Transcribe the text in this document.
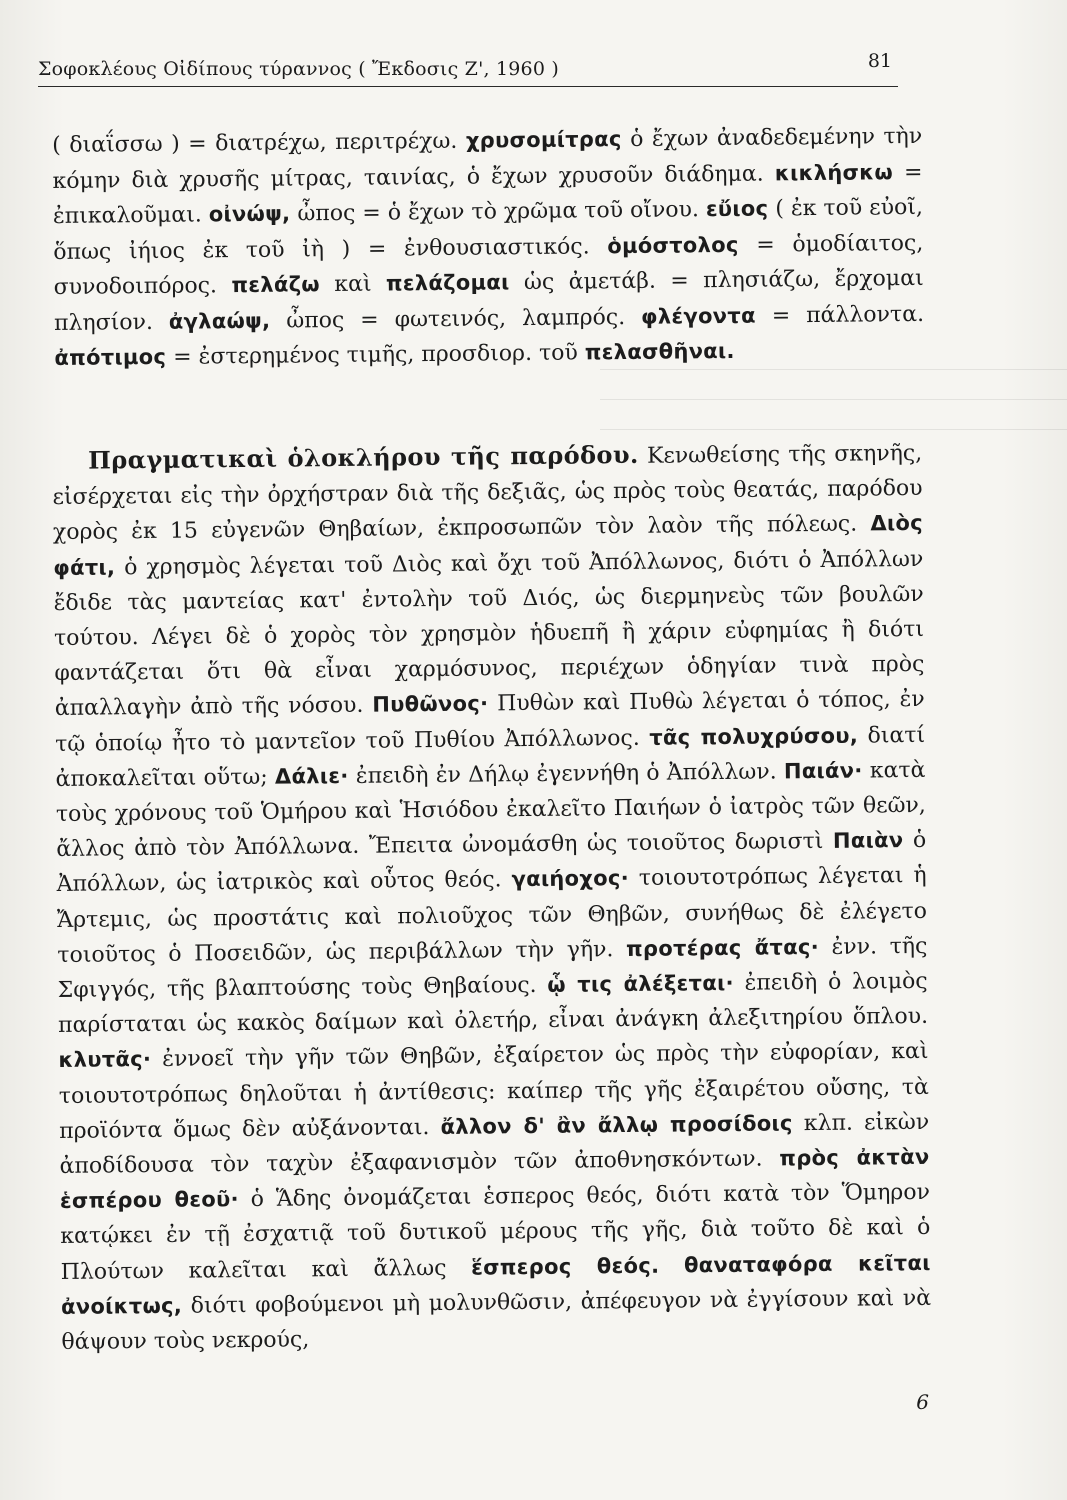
Σοφοκλέους Οἰδίπους τύραννος ( Ἔκδοσις Ζ', 1960 )	81

( διαΐσσω ) = διατρέχω, περιτρέχω. χρυσομίτρας ὁ ἔχων ἀναδεδεμένην τὴν κόμην διὰ χρυσῆς μίτρας, ταινίας, ὁ ἔχων χρυσοῦν διάδημα. κικλήσκω = ἐπικαλοῦμαι. οἰνώψ, ὦπος = ὁ ἔχων τὸ χρῶμα τοῦ οἴνου. εὔιος ( ἐκ τοῦ εὐοῖ, ὅπως ἰήιος ἐκ τοῦ ἰὴ ) = ἐνθουσιαστικός. ὁμόστολος = ὁμοδίαιτος, συνοδοιπόρος. πελάζω καὶ πελάζομαι ὡς ἀμετάβ. = πλησιάζω, ἔρχομαι πλησίον. ἀγλαώψ, ὦπος = φωτεινός, λαμπρός. φλέγοντα = πάλλοντα. ἀπότιμος = ἐστερημένος τιμῆς, προσδιορ. τοῦ πελασθῆναι.

Πραγματικαὶ ὁλοκλήρου τῆς παρόδου. Κενωθείσης τῆς σκηνῆς, εἰσέρχεται εἰς τὴν ὀρχήστραν διὰ τῆς δεξιᾶς, ὡς πρὸς τοὺς θεατάς, παρόδου χορὸς ἐκ 15 εὐγενῶν Θηβαίων, ἐκπροσωπῶν τὸν λαὸν τῆς πόλεως. Διὸς φάτι, ὁ χρησμὸς λέγεται τοῦ Διὸς καὶ ὄχι τοῦ Ἀπόλλωνος, διότι ὁ Ἀπόλλων ἔδιδε τὰς μαντείας κατ' ἐντολὴν τοῦ Διός, ὡς διερμηνεὺς τῶν βουλῶν τούτου. Λέγει δὲ ὁ χορὸς τὸν χρησμὸν ἡδυεπῆ ἢ χάριν εὐφημίας ἢ διότι φαντάζεται ὅτι θὰ εἶναι χαρμόσυνος, περιέχων ὁδηγίαν τινὰ πρὸς ἀπαλλαγὴν ἀπὸ τῆς νόσου. Πυθῶνος· Πυθὼν καὶ Πυθὼ λέγεται ὁ τόπος, ἐν τῷ ὁποίῳ ἦτο τὸ μαντεῖον τοῦ Πυθίου Ἀπόλλωνος. τᾶς πολυχρύσου, διατί ἀποκαλεῖται οὕτω; Δάλιε· ἐπειδὴ ἐν Δήλῳ ἐγεννήθη ὁ Ἀπόλλων. Παιάν· κατὰ τοὺς χρόνους τοῦ Ὁμήρου καὶ Ἡσιόδου ἐκαλεῖτο Παιήων ὁ ἰατρὸς τῶν θεῶν, ἄλλος ἀπὸ τὸν Ἀπόλλωνα. Ἔπειτα ὠνομάσθη ὡς τοιοῦτος δωριστὶ Παιὰν ὁ Ἀπόλλων, ὡς ἰατρικὸς καὶ οὗτος θεός. γαιήοχος· τοιουτοτρόπως λέγεται ἡ Ἄρτεμις, ὡς προστάτις καὶ πολιοῦχος τῶν Θηβῶν, συνήθως δὲ ἐλέγετο τοιοῦτος ὁ Ποσειδῶν, ὡς περιβάλλων τὴν γῆν. προτέρας ἄτας· ἐνν. τῆς Σφιγγός, τῆς βλαπτούσης τοὺς Θηβαίους. ᾧ τις ἀλέξεται· ἐπειδὴ ὁ λοιμὸς παρίσταται ὡς κακὸς δαίμων καὶ ὀλετήρ, εἶναι ἀνάγκη ἀλεξιτηρίου ὅπλου. κλυτᾶς· ἐννοεῖ τὴν γῆν τῶν Θηβῶν, ἐξαίρετον ὡς πρὸς τὴν εὐφορίαν, καὶ τοιουτοτρόπως δηλοῦται ἡ ἀντίθεσις: καίπερ τῆς γῆς ἐξαιρέτου οὔσης, τὰ προϊόντα ὅμως δὲν αὐξάνονται. ἄλλον δ' ἂν ἄλλῳ προσίδοις κλπ. εἰκὼν ἀποδίδουσα τὸν ταχὺν ἐξαφανισμὸν τῶν ἀποθνησκόντων. πρὸς ἀκτὰν ἑσπέρου θεοῦ· ὁ Ἅδης ὀνομάζεται ἑσπερος θεός, διότι κατὰ τὸν Ὅμηρον κατῴκει ἐν τῇ ἐσχατιᾷ τοῦ δυτικοῦ μέρους τῆς γῆς, διὰ τοῦτο δὲ καὶ ὁ Πλούτων καλεῖται καὶ ἄλλως ἕσπερος θεός. θαναταφόρα κεῖται ἀνοίκτως, διότι φοβούμενοι μὴ μολυνθῶσιν, ἀπέφευγον νὰ ἐγγίσουν καὶ νὰ θάψουν τοὺς νεκρούς,

6
